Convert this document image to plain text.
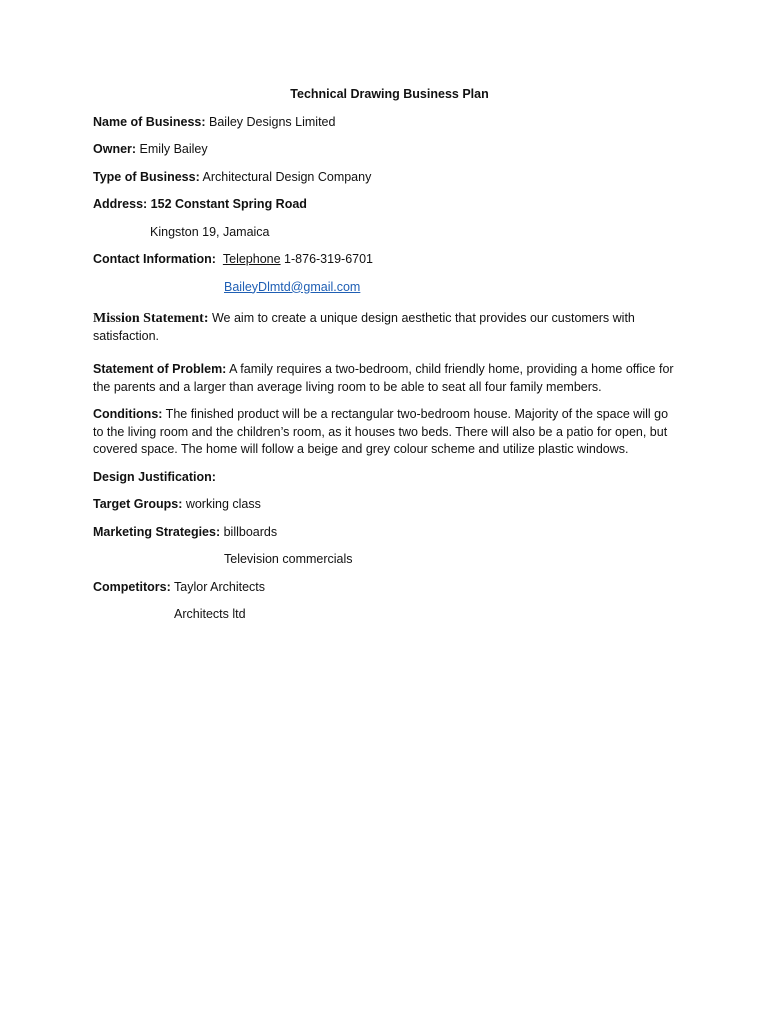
Technical Drawing Business Plan
Name of Business: Bailey Designs Limited
Owner: Emily Bailey
Type of Business: Architectural Design Company
Address: 152 Constant Spring Road
Kingston 19, Jamaica
Contact Information: Telephone 1-876-319-6701
BaileyDlmtd@gmail.com
Mission Statement: We aim to create a unique design aesthetic that provides our customers with satisfaction.
Statement of Problem: A family requires a two-bedroom, child friendly home, providing a home office for the parents and a larger than average living room to be able to seat all four family members.
Conditions: The finished product will be a rectangular two-bedroom house. Majority of the space will go to the living room and the children’s room, as it houses two beds. There will also be a patio for open, but covered space. The home will follow a beige and grey colour scheme and utilize plastic windows.
Design Justification:
Target Groups: working class
Marketing Strategies: billboards
Television commercials
Competitors: Taylor Architects
Architects ltd
